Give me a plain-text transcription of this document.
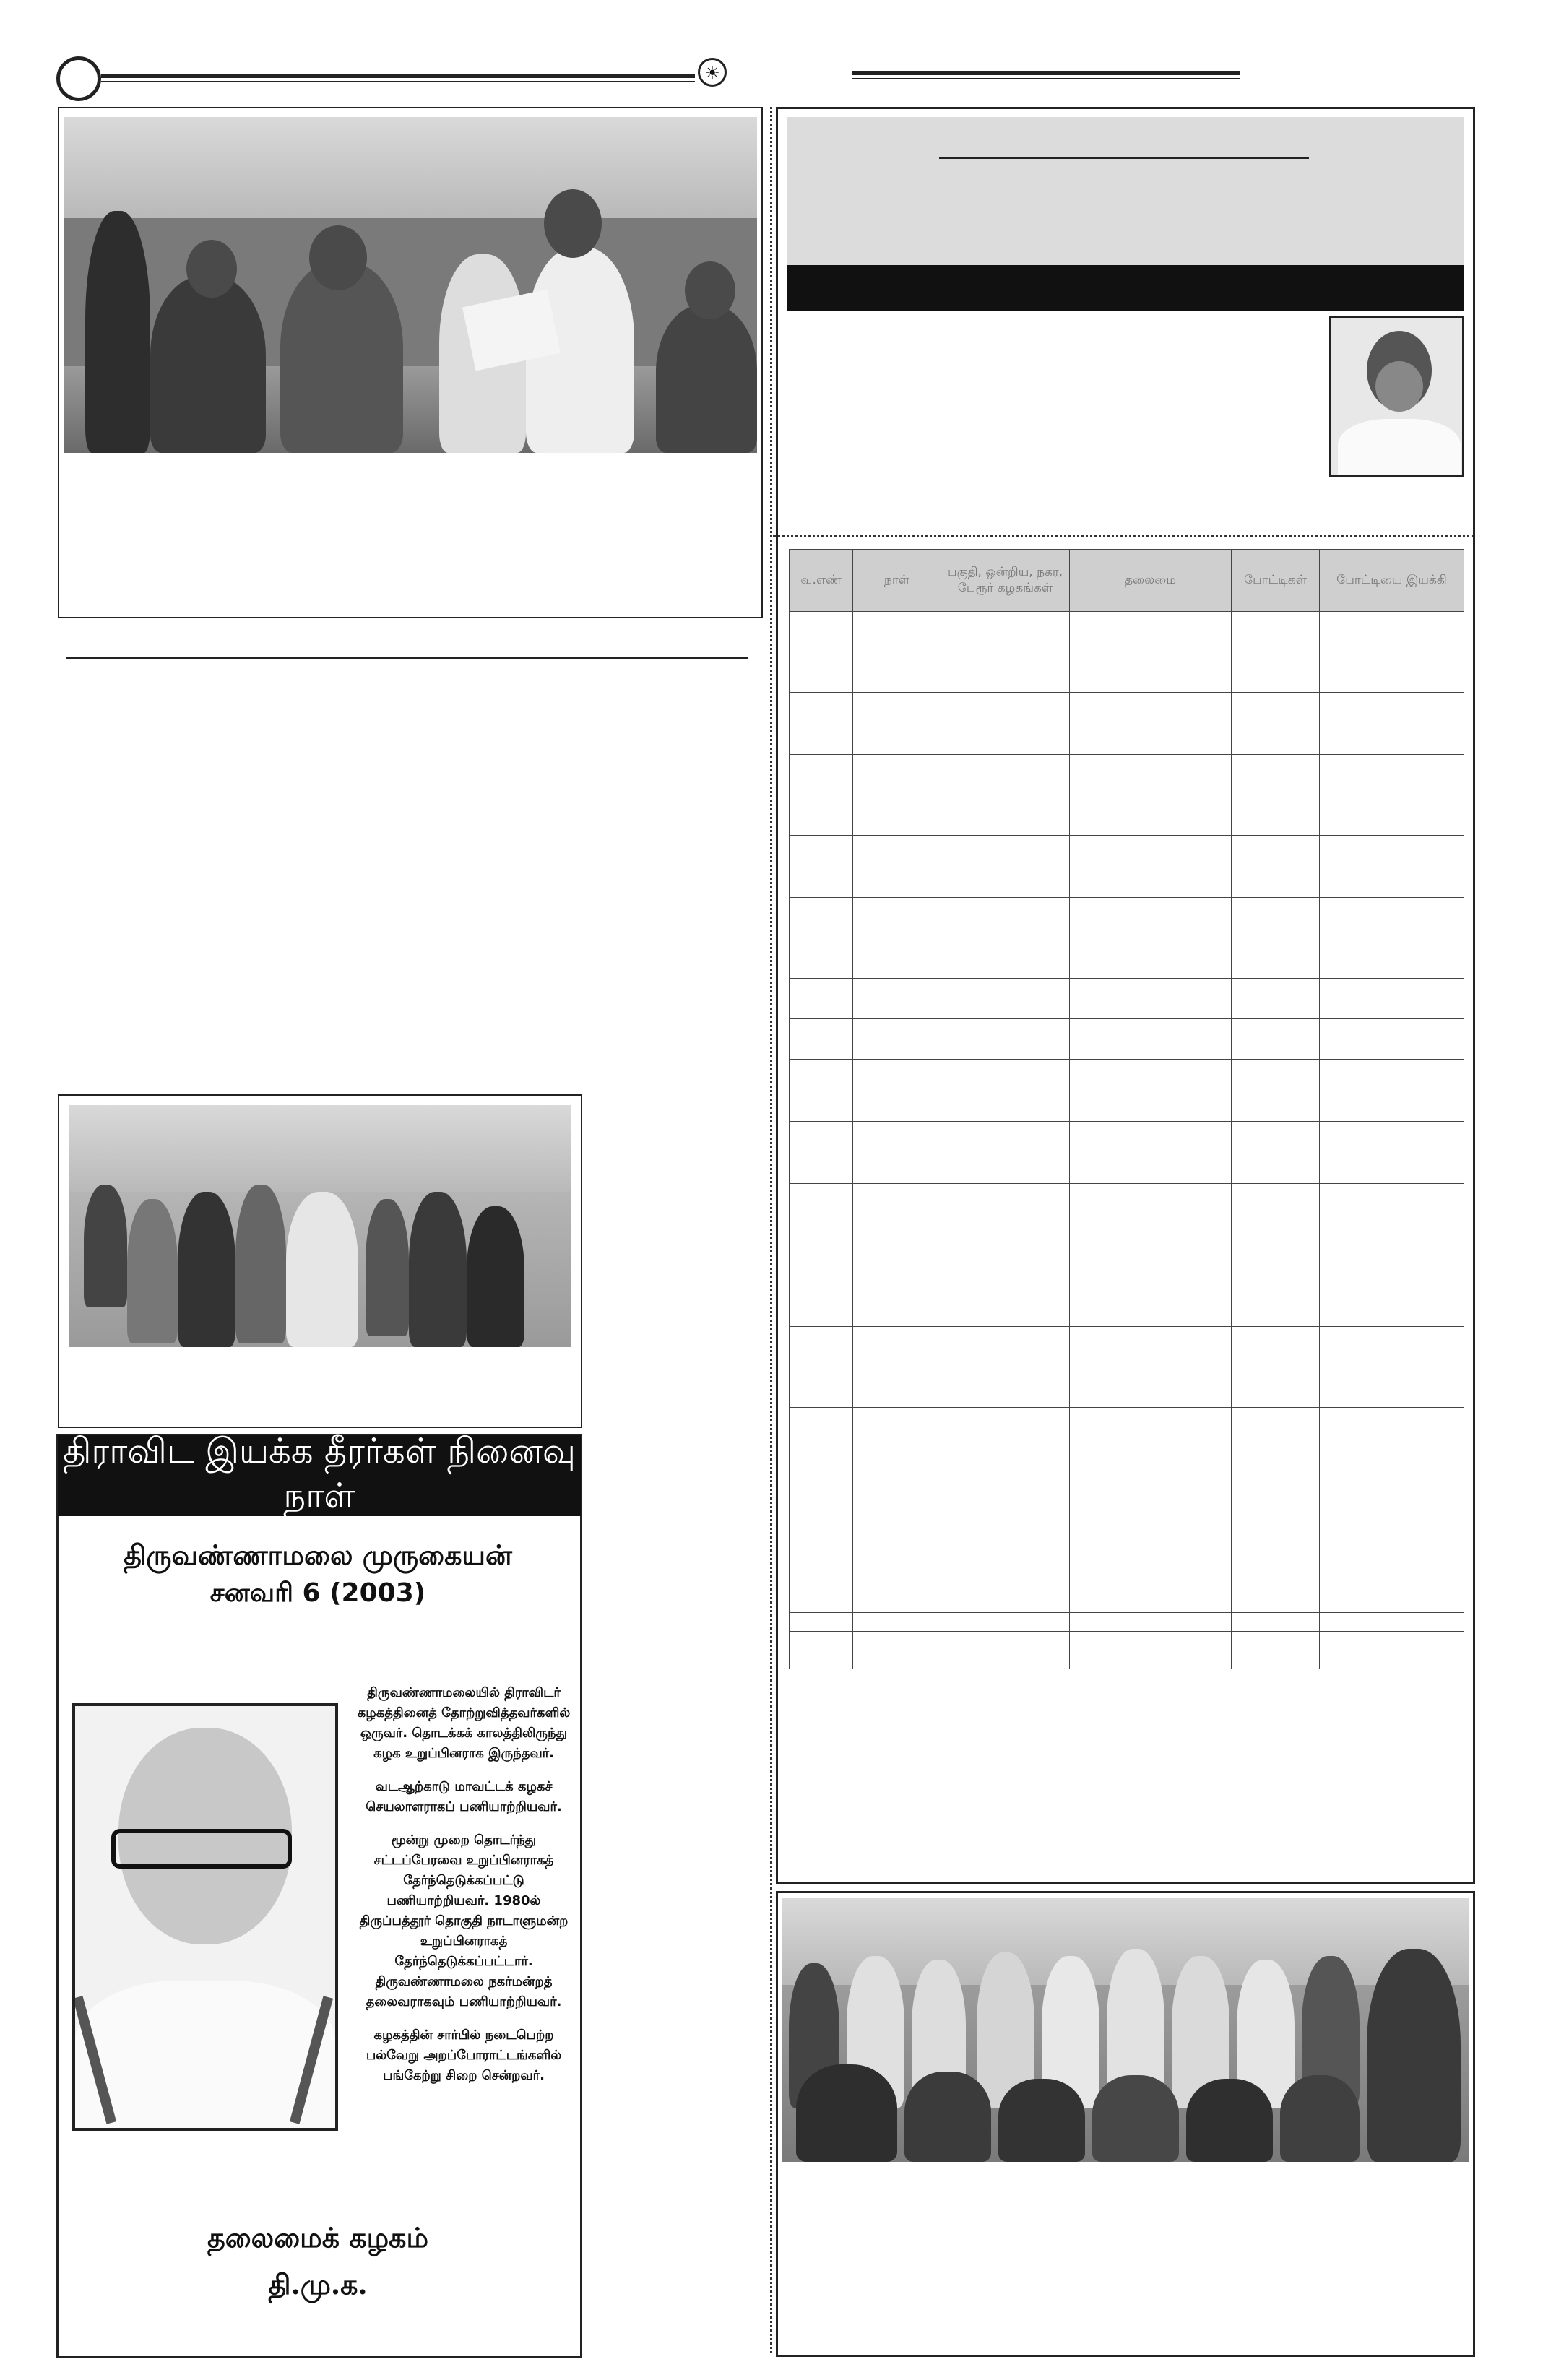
☀
திராவிட இயக்க தீரர்கள் நினைவு நாள்
திருவண்ணாமலை முருகையன்
சனவரி 6 (2003)

திருவண்ணாமலையில் திராவிடர் கழகத்தினைத் தோற்றுவித்தவர்களில் ஒருவர். தொடக்கக் காலத்திலிருந்து கழக உறுப்பினராக இருந்தவர்.

வடஆற்காடு மாவட்டக் கழகச் செயலாளராகப் பணியாற்றியவர்.

மூன்று முறை தொடர்ந்து சட்டப்பேரவை உறுப்பினராகத் தேர்ந்தெடுக்கப்பட்டு பணியாற்றியவர். 1980ல் திருப்பத்தூர் தொகுதி நாடாளுமன்ற உறுப்பினராகத் தேர்ந்தெடுக்கப்பட்டார். திருவண்ணாமலை நகர்மன்றத் தலைவராகவும் பணியாற்றியவர்.

கழகத்தின் சார்பில் நடைபெற்ற பல்வேறு அறப்போராட்டங்களில் பங்கேற்று சிறை சென்றவர்.

தலைமைக் கழகம்
தி.மு.க.
வ.எண்	நாள்	பகுதி, ஒன்றிய, நகர, பேரூர் கழகங்கள்	தலைமை	போட்டிகள்	போட்டியை இயக்கி
